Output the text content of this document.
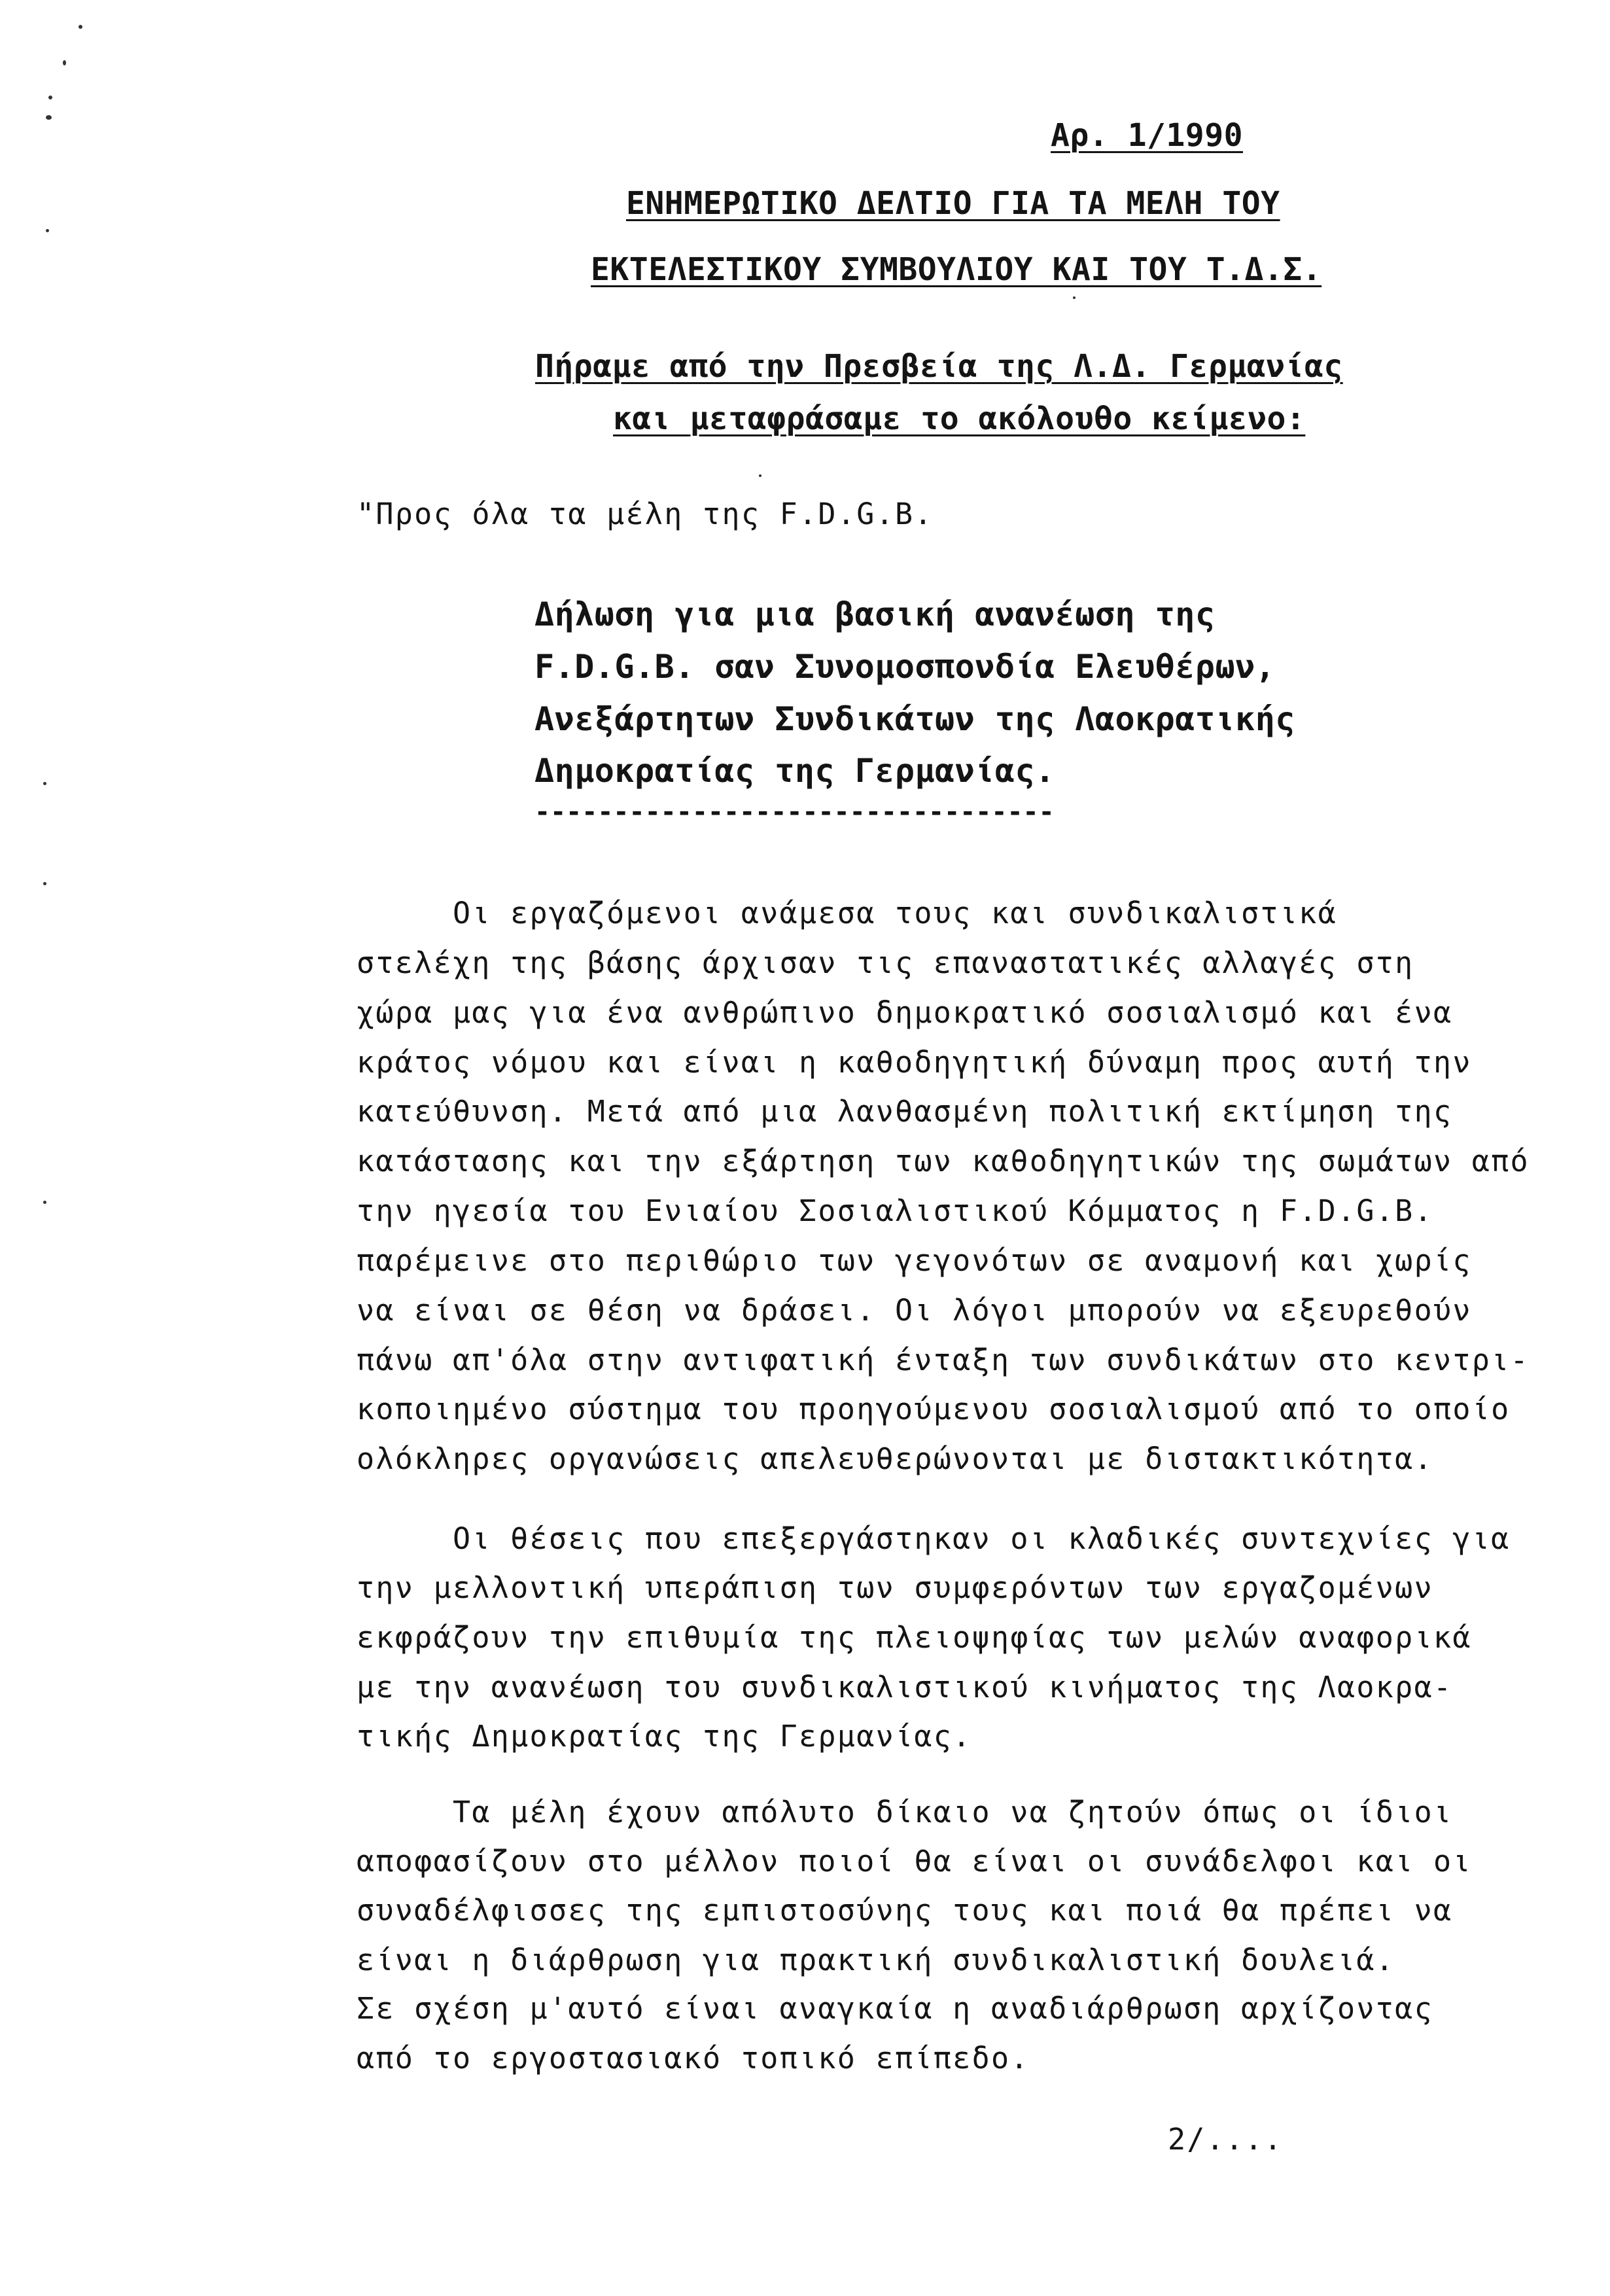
Αρ. 1/1990
ΕΝΗΜΕΡΩΤΙΚΟ ΔΕΛΤΙΟ ΓΙΑ ΤΑ ΜΕΛΗ ΤΟΥ
ΕΚΤΕΛΕΣΤΙΚΟΥ ΣΥΜΒΟΥΛΙΟΥ ΚΑΙ ΤΟΥ Τ.Δ.Σ.
Πήραμε από την Πρεσβεία της Λ.Δ. Γερμανίας
και μεταφράσαμε το ακόλουθο κείμενο:
"Προς όλα τα μέλη της F.D.G.B.
Δήλωση για μια βασική ανανέωση της
F.D.G.B. σαν Συνομοσπονδία Ελευθέρων,
Ανεξάρτητων Συνδικάτων της Λαοκρατικής
Δημοκρατίας της Γερμανίας.
---------------------------------
Οι εργαζόμενοι ανάμεσα τους και συνδικαλιστικά
στελέχη της βάσης άρχισαν τις επαναστατικές αλλαγές στη
χώρα μας για ένα ανθρώπινο δημοκρατικό σοσιαλισμό και ένα
κράτος νόμου και είναι η καθοδηγητική δύναμη προς αυτή την
κατεύθυνση. Μετά από μια λανθασμένη πολιτική εκτίμηση της
κατάστασης και την εξάρτηση των καθοδηγητικών της σωμάτων από
την ηγεσία του Ενιαίου Σοσιαλιστικού Κόμματος η F.D.G.B.
παρέμεινε στο περιθώριο των γεγονότων σε αναμονή και χωρίς
να είναι σε θέση να δράσει. Οι λόγοι μπορούν να εξευρεθούν
πάνω απ'όλα στην αντιφατική ένταξη των συνδικάτων στο κεντρι-
κοποιημένο σύστημα του προηγούμενου σοσιαλισμού από το οποίο
ολόκληρες οργανώσεις απελευθερώνονται με διστακτικότητα.
Οι θέσεις που επεξεργάστηκαν οι κλαδικές συντεχνίες για
την μελλοντική υπεράπιση των συμφερόντων των εργαζομένων
εκφράζουν την επιθυμία της πλειοψηφίας των μελών αναφορικά
με την ανανέωση του συνδικαλιστικού κινήματος της Λαοκρα-
τικής Δημοκρατίας της Γερμανίας.
Τα μέλη έχουν απόλυτο δίκαιο να ζητούν όπως οι ίδιοι
αποφασίζουν στο μέλλον ποιοί θα είναι οι συνάδελφοι και οι
συναδέλφισσες της εμπιστοσύνης τους και ποιά θα πρέπει να
είναι η διάρθρωση για πρακτική συνδικαλιστική δουλειά.
Σε σχέση μ'αυτό είναι αναγκαία η αναδιάρθρωση αρχίζοντας
από το εργοστασιακό τοπικό επίπεδο.
2/....
